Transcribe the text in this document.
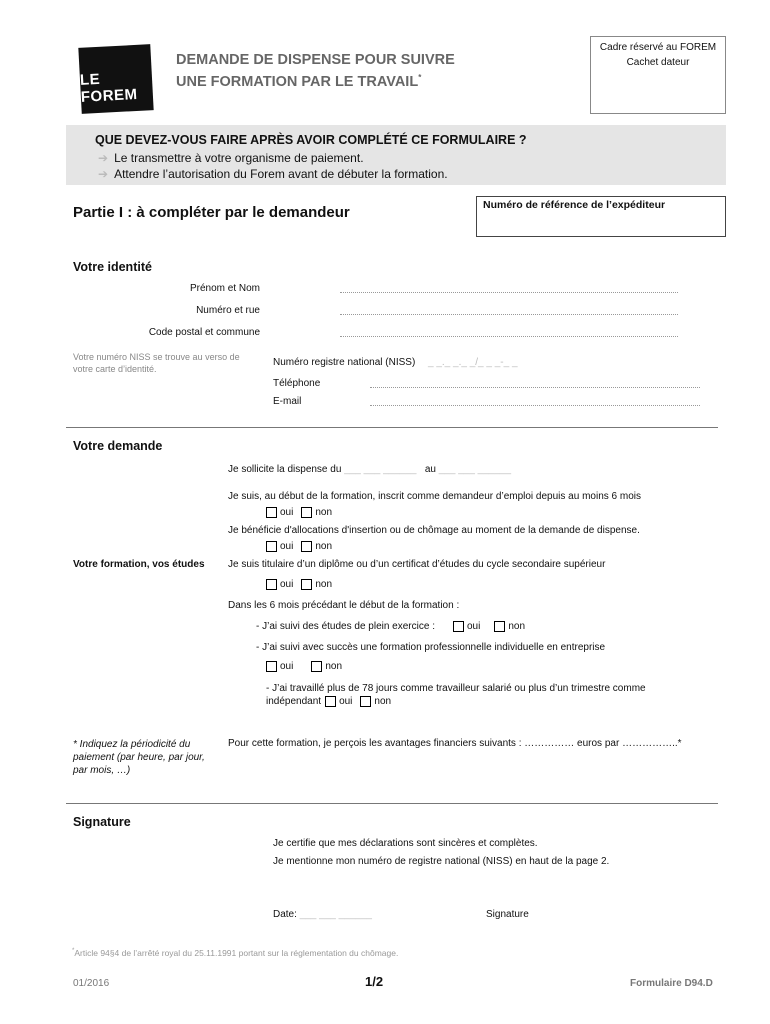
LE FOREM
DEMANDE DE DISPENSE POUR SUIVRE
UNE FORMATION PAR LE TRAVAIL*
Cadre réservé au FOREM
Cachet dateur
QUE DEVEZ-VOUS FAIRE APRÈS AVOIR COMPLÉTÉ CE FORMULAIRE ?
➔ Le transmettre à votre organisme de paiement.
➔ Attendre l’autorisation du Forem avant de débuter la formation.
Partie I : à compléter par le demandeur	Numéro de référence de l’expéditeur
Votre identité
Prénom et Nom
Numéro et rue
Code postal et commune
Votre numéro NISS se trouve au verso de votre carte d’identité.
Numéro registre national (NISS) _ _._ _._ _/_ _ _-_ _
Téléphone
E-mail
Votre demande
Je sollicite la dispense du ___ ___ ______ au ___ ___ ______
Je suis, au début de la formation, inscrit comme demandeur d’emploi depuis au moins 6 mois
oui non
Je bénéficie d'allocations d'insertion ou de chômage au moment de la demande de dispense.
oui non
Votre formation, vos études Je suis titulaire d’un diplôme ou d’un certificat d’études du cycle secondaire supérieur
oui non
Dans les 6 mois précédant le début de la formation :
- J’ai suivi des études de plein exercice :	oui	non
- J’ai suivi avec succès une formation professionnelle individuelle en entreprise
oui	non
- J’ai travaillé plus de 78 jours comme travailleur salarié ou plus d’un trimestre comme
indépendant oui non
* Indiquez la périodicité du paiement (par heure, par jour, par mois, …)
Pour cette formation, je perçois les avantages financiers suivants : …………… euros par ……………..*
Signature
Je certifie que mes déclarations sont sincères et complètes.
Je mentionne mon numéro de registre national (NISS) en haut de la page 2.
Date: ___ ___ ______	Signature
*Article 94§4 de l’arrêté royal du 25.11.1991 portant sur la réglementation du chômage.
01/2016	1/2	Formulaire D94.D
